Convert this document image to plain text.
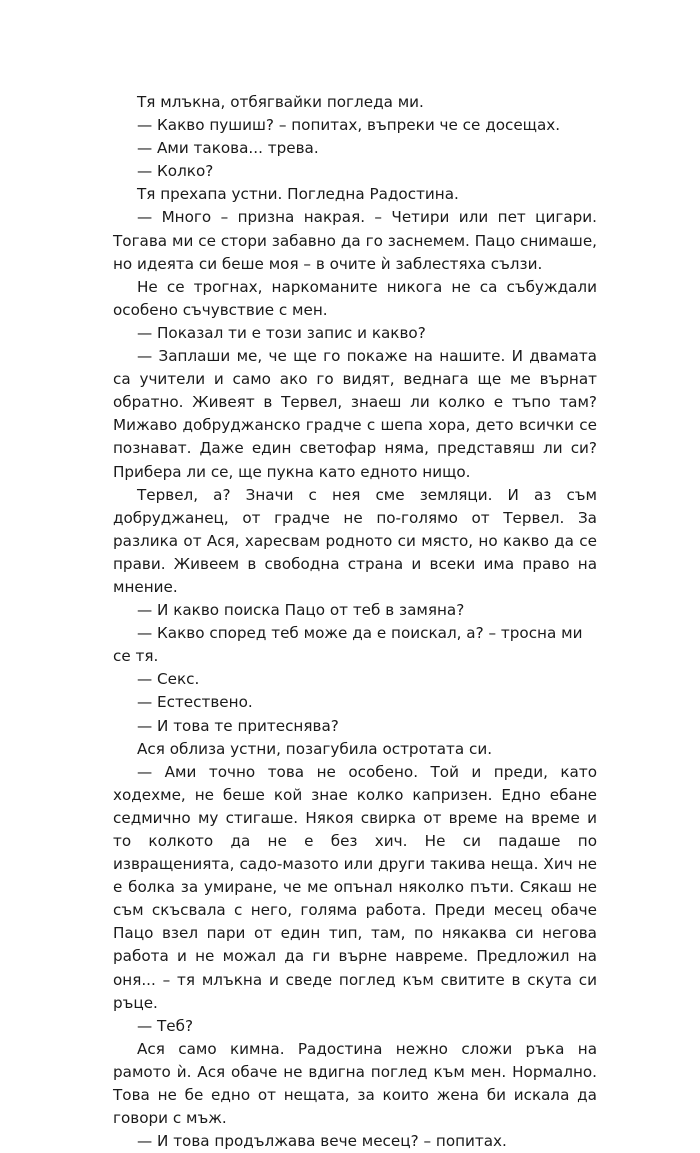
Тя млъкна, отбягвайки погледа ми.

— Какво пушиш? – попитах, въпреки че се досещах.

— Ами такова... трева.

— Колко?

Тя прехапа устни. Погледна Радостина.

— Много – призна накрая. – Четири или пет цигари. Тогава ми се стори забавно да го заснемем. Пацо снимаше, но идеята си беше моя – в очите ѝ заблестяха сълзи.

Не се трогнах, наркоманите никога не са събуждали особено съчувствие с мен.

— Показал ти е този запис и какво?

— Заплаши ме, че ще го покаже на нашите. И двамата са учители и само ако го видят, веднага ще ме върнат обратно. Живеят в Тервел, знаеш ли колко е тъпо там? Мижаво добруджанско градче с шепа хора, дето всички се познават. Даже един светофар няма, представяш ли си? Прибера ли се, ще пукна като едното нищо.

Тервел, а? Значи с нея сме земляци. И аз съм добруджанец, от градче не по-голямо от Тервел. За разлика от Ася, харесвам родното си място, но какво да се прави. Живеем в свободна страна и всеки има право на мнение.

— И какво поиска Пацо от теб в замяна?

— Какво според теб може да е поискал, а? – тросна ми се тя.

— Секс.

— Естествено.

— И това те притеснява?

Ася облиза устни, позагубила остротата си.

— Ами точно това не особено. Той и преди, като ходехме, не беше кой знае колко капризен. Едно ебане седмично му стигаше. Някоя свирка от време на време и то колкото да не е без хич. Не си падаше по извращенията, садо-мазото или други такива неща. Хич не е болка за умиране, че ме опънал няколко пъти. Сякаш не съм скъсвала с него, голяма работа. Преди месец обаче Пацо взел пари от един тип, там, по някаква си негова работа и не можал да ги върне навреме. Предложил на оня... – тя млъкна и сведе поглед към свитите в скута си ръце.

— Теб?

Ася само кимна. Радостина нежно сложи ръка на рамото ѝ. Ася обаче не вдигна поглед към мен. Нормално. Това не бе едно от нещата, за които жена би искала да говори с мъж.

— И това продължава вече месец? – попитах.
